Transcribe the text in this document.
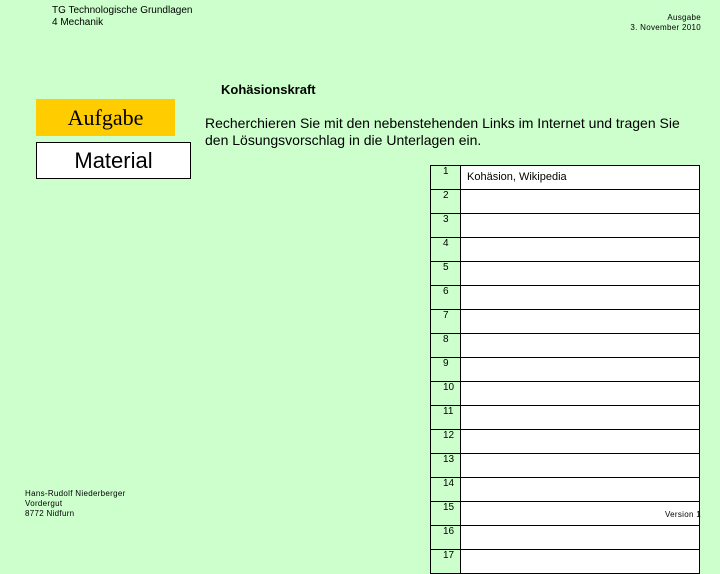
TG Technologische Grundlagen
4 Mechanik	Ausgabe
3. November 2010
Kohäsionskraft
Recherchieren Sie mit den nebenstehenden Links im Internet und tragen Sie den Lösungsvorschlag in die Unterlagen ein.
Aufgabe
Material	1	Kohäsion, Wikipedia
2	
3	
4	
5	
6	
7	
8	
9	
10	
11	
12	
13	
14	
15	
16	
17	
Hans-Rudolf Niederberger
Vordergut
8772 Nidfurn	Version 1
